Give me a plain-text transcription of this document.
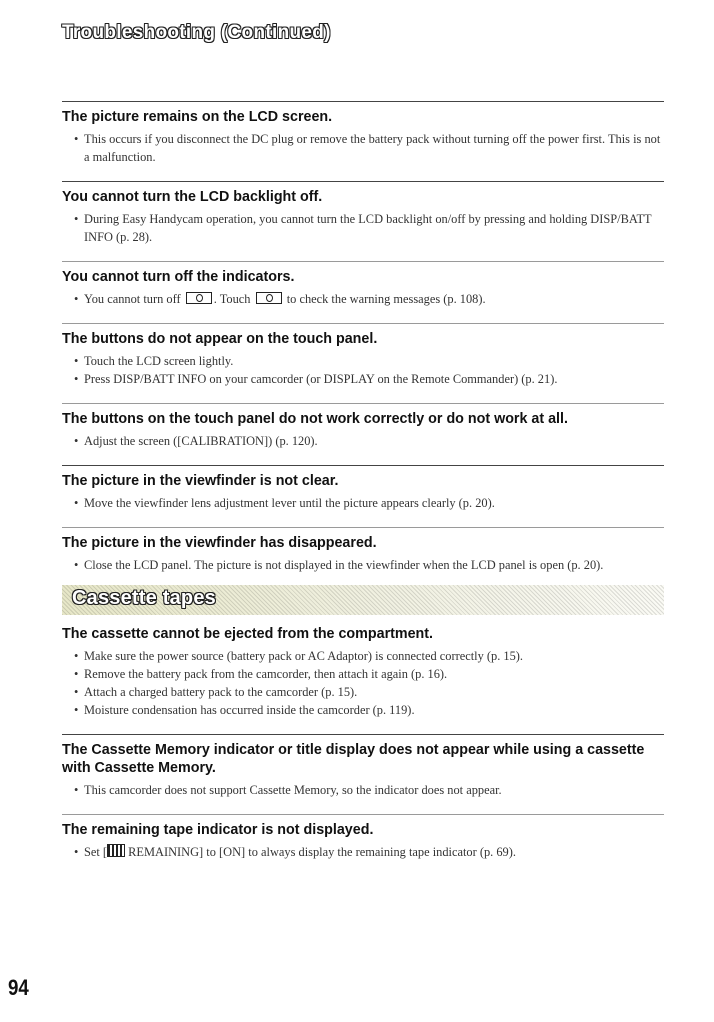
Troubleshooting (Continued)
The picture remains on the LCD screen.
• This occurs if you disconnect the DC plug or remove the battery pack without turning off the power first. This is not a malfunction.
You cannot turn the LCD backlight off.
• During Easy Handycam operation, you cannot turn the LCD backlight on/off by pressing and holding DISP/BATT INFO (p. 28).
You cannot turn off the indicators.
• You cannot turn off	. Touch	to check the warning messages (p. 108).
The buttons do not appear on the touch panel.
• Touch the LCD screen lightly.
• Press DISP/BATT INFO on your camcorder (or DISPLAY on the Remote Commander) (p. 21).
The buttons on the touch panel do not work correctly or do not work at all.
• Adjust the screen ([CALIBRATION]) (p. 120).
The picture in the viewfinder is not clear.
• Move the viewfinder lens adjustment lever until the picture appears clearly (p. 20).
The picture in the viewfinder has disappeared.
• Close the LCD panel. The picture is not displayed in the viewfinder when the LCD panel is open (p. 20).
Cassette tapes
The cassette cannot be ejected from the compartment.
• Make sure the power source (battery pack or AC Adaptor) is connected correctly (p. 15).
• Remove the battery pack from the camcorder, then attach it again (p. 16).
• Attach a charged battery pack to the camcorder (p. 15).
• Moisture condensation has occurred inside the camcorder (p. 119).
The Cassette Memory indicator or title display does not appear while using a cassette with Cassette Memory.
• This camcorder does not support Cassette Memory, so the indicator does not appear.
The remaining tape indicator is not displayed.
• Set [ REMAINING] to [ON] to always display the remaining tape indicator (p. 69).
94
